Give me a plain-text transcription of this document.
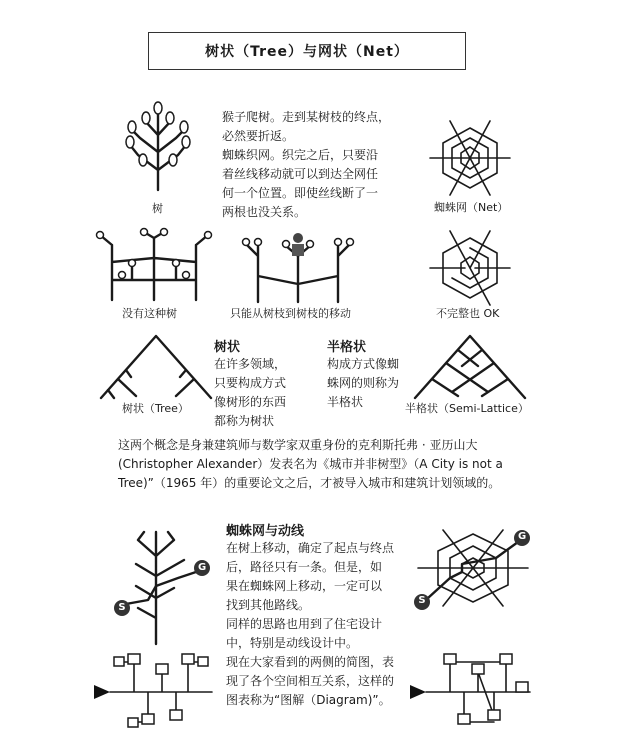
树状（Tree）与网状（Net）
猴子爬树。走到某树枝的终点，
必然要折返。
蜘蛛织网。织完之后，只要沿
着丝线移动就可以到达全网任
何一个位置。即使丝线断了一
两根也没关系。
树	蜘蛛网（Net）
没有这种树	只能从树枝到树枝的移动	不完整也 OK
树状（Tree）
树状
在许多领域，
只要构成方式
像树形的东西
都称为树状
半格状
构成方式像蜘
蛛网的则称为
半格状	半格状（Semi-Lattice）
这两个概念是身兼建筑师与数学家双重身份的克利斯托弗 · 亚历山大
(Christopher Alexander）发表名为《城市并非树型》（A City is not a
Tree)”（1965 年）的重要论文之后，才被导入城市和建筑计划领域的。
S
G
蜘蛛网与动线
在树上移动，确定了起点与终点
后，路径只有一条。但是，如
果在蜘蛛网上移动，一定可以
找到其他路线。
同样的思路也用到了住宅设计
中，特别是动线设计中。
现在大家看到的两侧的简图，表
现了各个空间相互关系，这样的
图表称为“图解（Diagram)”。
S
G
